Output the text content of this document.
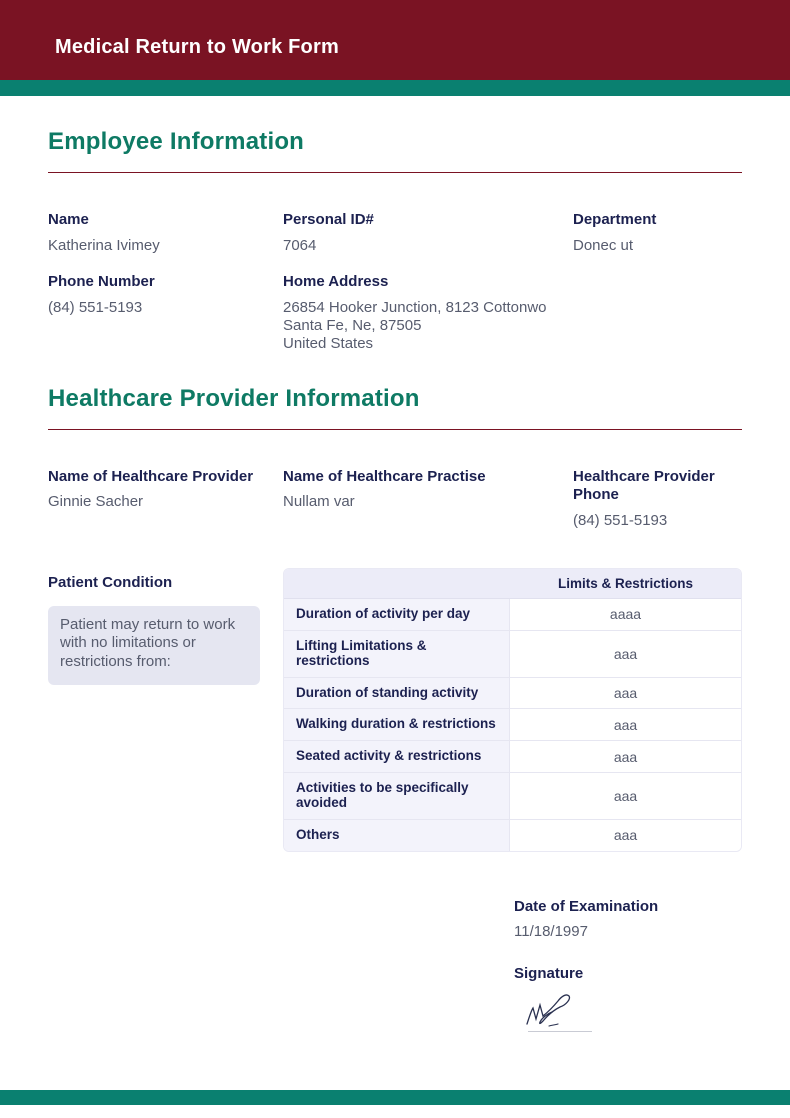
Medical Return to Work Form
Employee Information
Name
Katherina Ivimey
Personal ID#
7064
Department
Donec ut
Phone Number
(84) 551-5193
Home Address
26854 Hooker Junction, 8123 Cottonwo
Santa Fe, Ne, 87505
United States
Healthcare Provider Information
Name of Healthcare Provider
Ginnie Sacher
Name of Healthcare Practise
Nullam var
Healthcare Provider Phone
(84) 551-5193
Patient Condition
Patient may return to work with no limitations or restrictions from:
Limits & Restrictions
Duration of activity per day	aaaa
Lifting Limitations & restrictions	aaa
Duration of standing activity	aaa
Walking duration & restrictions	aaa
Seated activity & restrictions	aaa
Activities to be specifically avoided	aaa
Others	aaa
Date of Examination
11/18/1997
Signature
